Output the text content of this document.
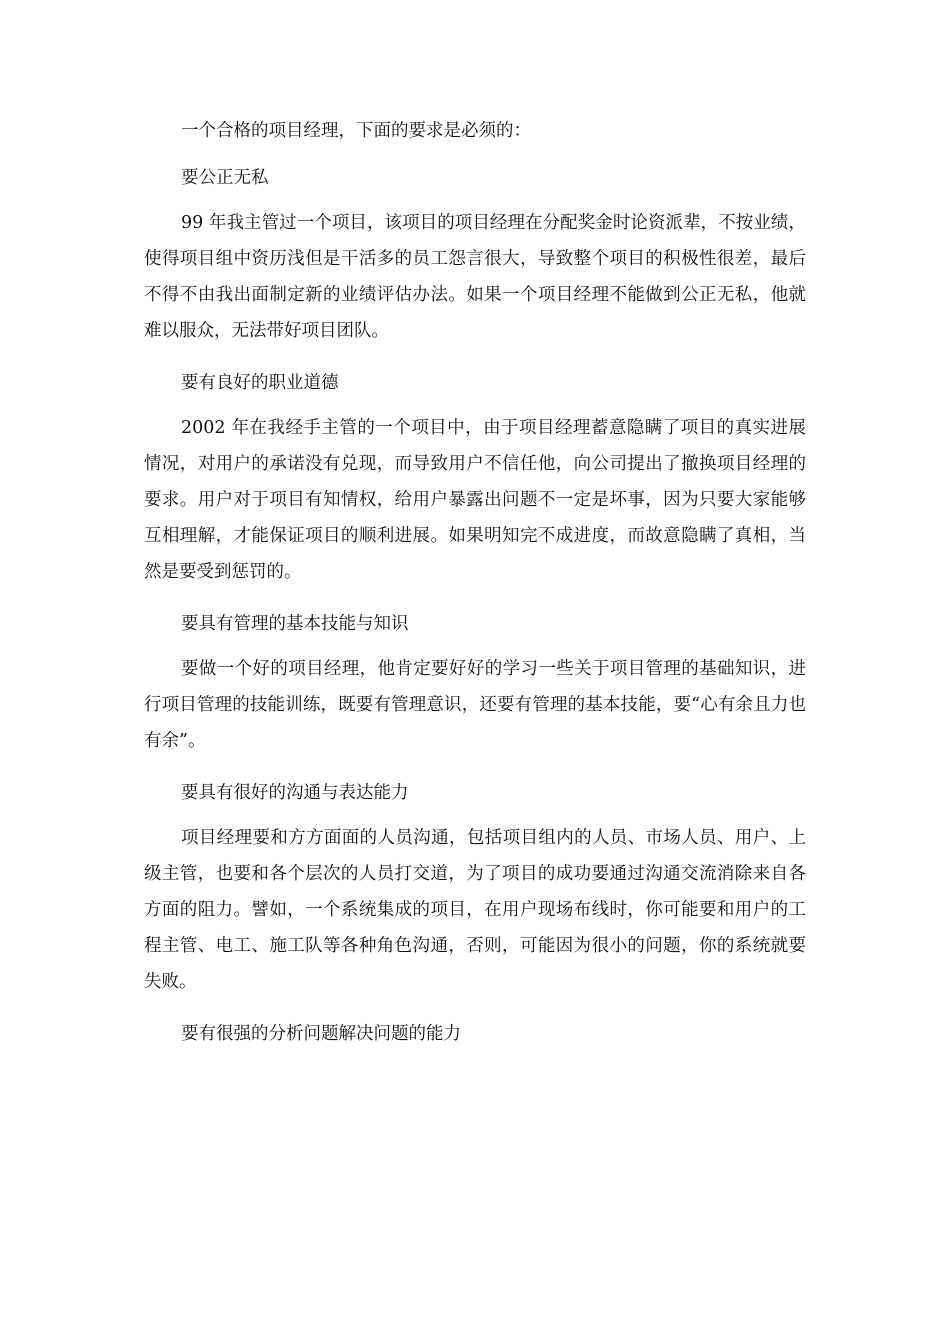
一个合格的项目经理，下面的要求是必须的：

要公正无私

99 年我主管过一个项目，该项目的项目经理在分配奖金时论资派辈，不按业绩，使得项目组中资历浅但是干活多的员工怨言很大，导致整个项目的积极性很差，最后不得不由我出面制定新的业绩评估办法。如果一个项目经理不能做到公正无私，他就难以服众，无法带好项目团队。

要有良好的职业道德

2002 年在我经手主管的一个项目中，由于项目经理蓄意隐瞒了项目的真实进展情况，对用户的承诺没有兑现，而导致用户不信任他，向公司提出了撤换项目经理的要求。用户对于项目有知情权，给用户暴露出问题不一定是坏事，因为只要大家能够互相理解，才能保证项目的顺利进展。如果明知完不成进度，而故意隐瞒了真相，当然是要受到惩罚的。

要具有管理的基本技能与知识

要做一个好的项目经理，他肯定要好好的学习一些关于项目管理的基础知识，进行项目管理的技能训练，既要有管理意识，还要有管理的基本技能，要“心有余且力也有余”。

要具有很好的沟通与表达能力

项目经理要和方方面面的人员沟通，包括项目组内的人员、市场人员、用户、上级主管，也要和各个层次的人员打交道，为了项目的成功要通过沟通交流消除来自各方面的阻力。譬如，一个系统集成的项目，在用户现场布线时，你可能要和用户的工程主管、电工、施工队等各种角色沟通，否则，可能因为很小的问题，你的系统就要失败。

要有很强的分析问题解决问题的能力
